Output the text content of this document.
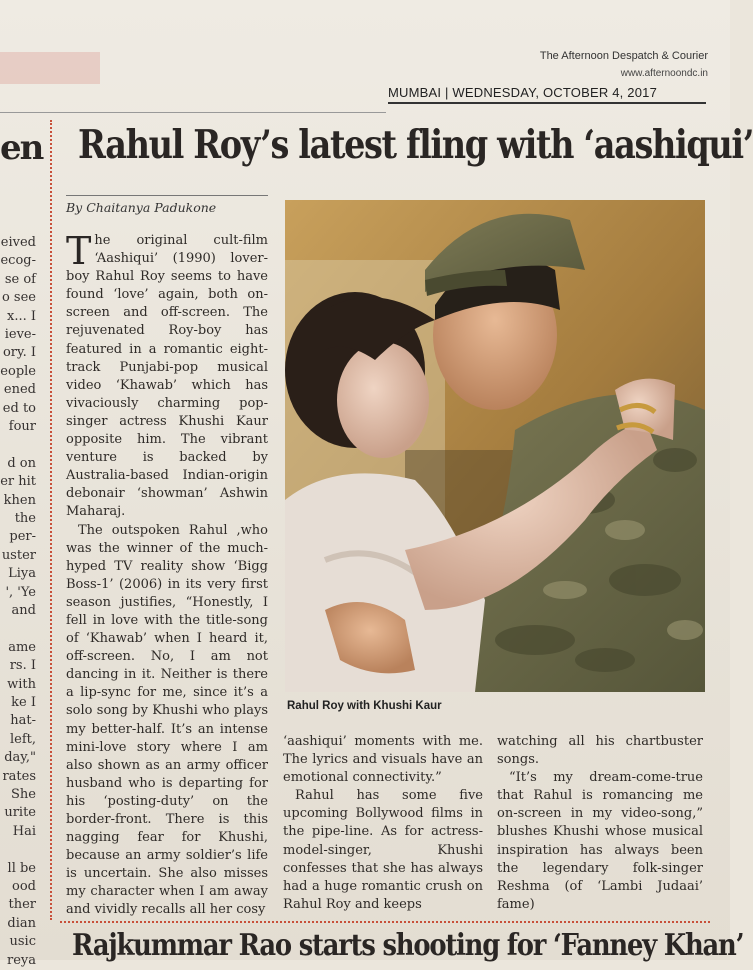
The Afternoon Despatch & Courier
www.afternoondc.in
MUMBAI | WEDNESDAY, OCTOBER 4, 2017
en
eived
ecog-
se of
o see
x... I
ieve-
ory. I
eople
ened
ed to
four
d on
er hit
khen
the
per-
uster
Liya
', 'Ye
and
ame
rs. I
with
ke I
hat-
left,
day,"
rates
She
urite
Hai
ll be
ood
ther
dian
usic
reya
Rahul Roy’s latest fling with ‘aashiqui’
By Chaitanya Padukone

The original cult-film ‘Aashiqui’ (1990) lover-boy Rahul Roy seems to have found ‘love’ again, both on-screen and off-screen. The rejuvenated Roy-boy has featured in a romantic eight-track Punjabi-pop musical video ‘Khawab’ which has vivaciously charming pop-singer actress Khushi Kaur opposite him. The vibrant venture is backed by Australia-based Indian-origin debonair ‘showman’ Ashwin Maharaj.

The outspoken Rahul ,who was the winner of the much-hyped TV reality show ‘Bigg Boss-1’ (2006) in its very first season justifies, “Honestly, I fell in love with the title-song of ‘Khawab’ when I heard it, off-screen. No, I am not dancing in it. Neither is there a lip-sync for me, since it’s a solo song by Khushi who plays my better-half. It’s an intense mini-love story where I am also shown as an army officer husband who is departing for his ‘posting-duty’ on the border-front. There is this nagging fear for Khushi, because an army soldier’s life is uncertain. She also misses my character when I am away and vividly recalls all her cosy

Rahul Roy with Khushi Kaur

‘aashiqui’ moments with me. The lyrics and visuals have an emotional connectivity.”

Rahul has some five upcoming Bollywood films in the pipe-line. As for actress-model-singer, Khushi confesses that she has always had a huge romantic crush on Rahul Roy and keeps

watching all his chartbuster songs.

“It’s my dream-come-true that Rahul is romancing me on-screen in my video-song,” blushes Khushi whose musical inspiration has always been the legendary folk-singer Reshma (of ‘Lambi Judaai’ fame)

Rajkummar Rao starts shooting for ‘Fanney Khan’
